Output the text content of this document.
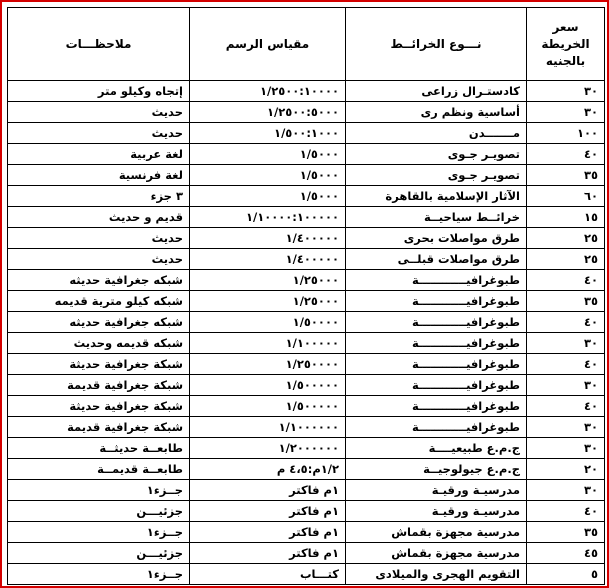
سعر الخريطة بالجنيه	نـــوع الخرائــط	مقياس الرسم	ملاحظـــات
٣٠	كادستـرال زراعى	١/٢٥٠٠:١٠٠٠٠	إتجاه وكيلو متر
٣٠	أساسية ونظم رى	١/٢٥٠٠:٥٠٠٠	حديث
١٠٠	مـــــــدن	١/٥٠٠:١٠٠٠	حديث
٤٠	تصويـر جـوى	١/٥٠٠٠	لغة عربية
٣٥	تصويـر جـوى	١/٥٠٠٠	لغة فرنسية
٦٠	الآثار الإسلامية بالقاهرة	١/٥٠٠٠	٣ جزء
١٥	خرائــط سياحيــة	١/١٠٠٠٠:١٠٠٠٠٠	قديم و حديث
٢٥	طرق مواصلات بحرى	١/٤٠٠٠٠٠	حديث
٢٥	طرق مواصلات قبلــى	١/٤٠٠٠٠٠	حديث
٤٠	طبوغرافيــــــــــــة	١/٢٥٠٠٠	شبكه جغرافية حديثه
٣٥	طبوغرافيــــــــــــة	١/٢٥٠٠٠	شبكه كيلو مترية قديمه
٤٠	طبوغرافيــــــــــــة	١/٥٠٠٠٠	شبكه جغرافية حديثه
٣٠	طبوغرافيــــــــــــة	١/١٠٠٠٠٠	شبكه قديمه وحديث
٤٠	طبوغرافيــــــــــــة	١/٢٥٠٠٠٠	شبكة جغرافية حديثة
٣٠	طبوغرافيــــــــــــة	١/٥٠٠٠٠٠	شبكة جغرافية قديمة
٤٠	طبوغرافيــــــــــــة	١/٥٠٠٠٠٠	شبكة جغرافية حديثة
٣٠	طبوغرافيــــــــــــة	١/١٠٠٠٠٠٠	شبكة جغرافية قديمة
٣٠	ج.م.ع طبيعيــــة	١/٢٠٠٠٠٠٠	طابعــة حديثــة
٢٠	ج.م.ع جيولوجيــة	١/٢م:٤،٥ م	طابعــة قديمــة
٣٠	مدرسيـة ورقيـة	١م فاكتر	جــزء١
٤٠	مدرسيـة ورقيـة	١م فاكتر	جزئيـــن
٣٥	مدرسية مجهزة بقماش	١م فاكتر	جــزء١
٤٥	مدرسية مجهزة بقماش	١م فاكتر	جزئيـــن
٥	التقويم الهجرى والميلادى	كتـــاب	جــزء١
